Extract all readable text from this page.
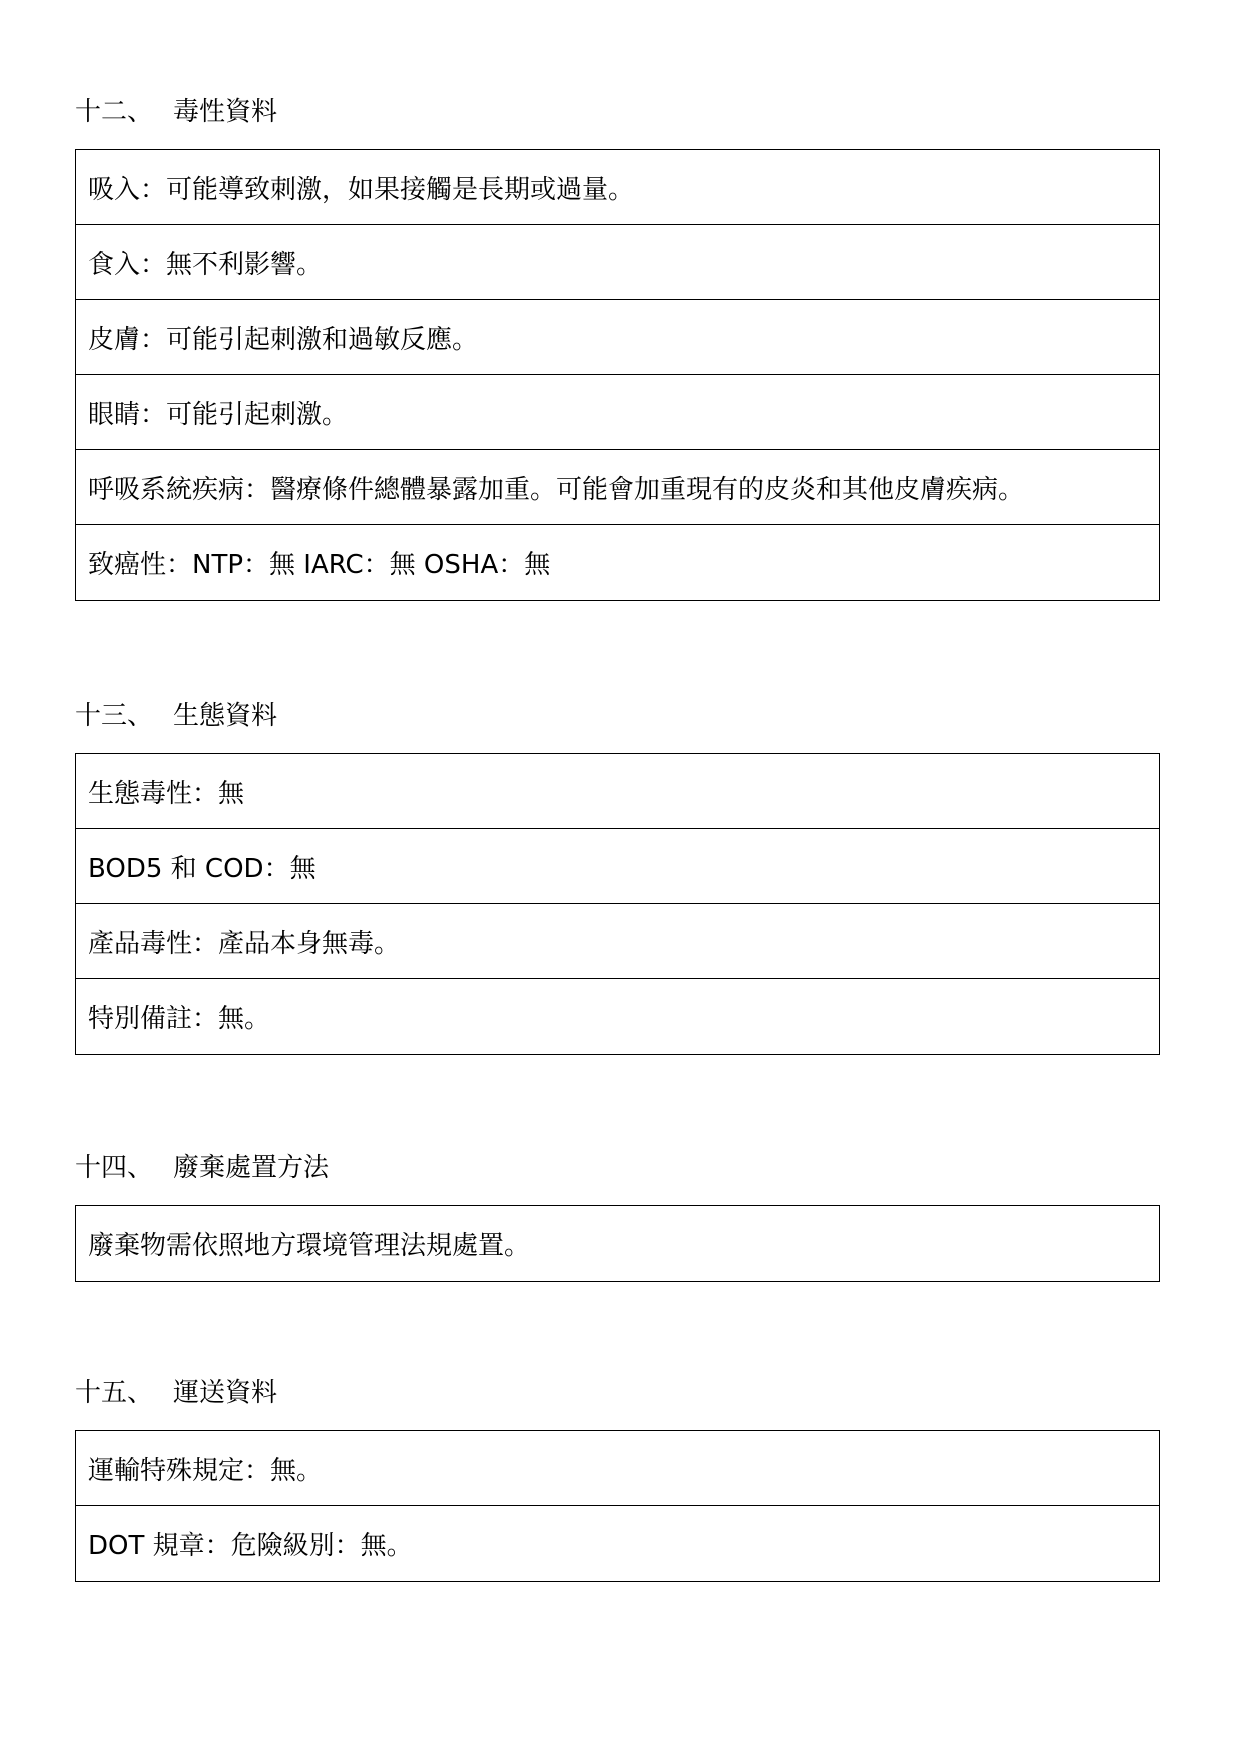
十二、 毒性資料
吸入：可能導致刺激，如果接觸是長期或過量。
食入：無不利影響。
皮膚：可能引起刺激和過敏反應。
眼睛：可能引起刺激。
呼吸系統疾病：醫療條件總體暴露加重。可能會加重現有的皮炎和其他皮膚疾病。
致癌性：NTP：無 IARC：無 OSHA：無
十三、 生態資料
生態毒性：無
BOD5 和 COD：無
產品毒性：產品本身無毒。
特別備註：無。
十四、 廢棄處置方法
廢棄物需依照地方環境管理法規處置。
十五、 運送資料
運輸特殊規定：無。
DOT 規章：危險級別：無。
